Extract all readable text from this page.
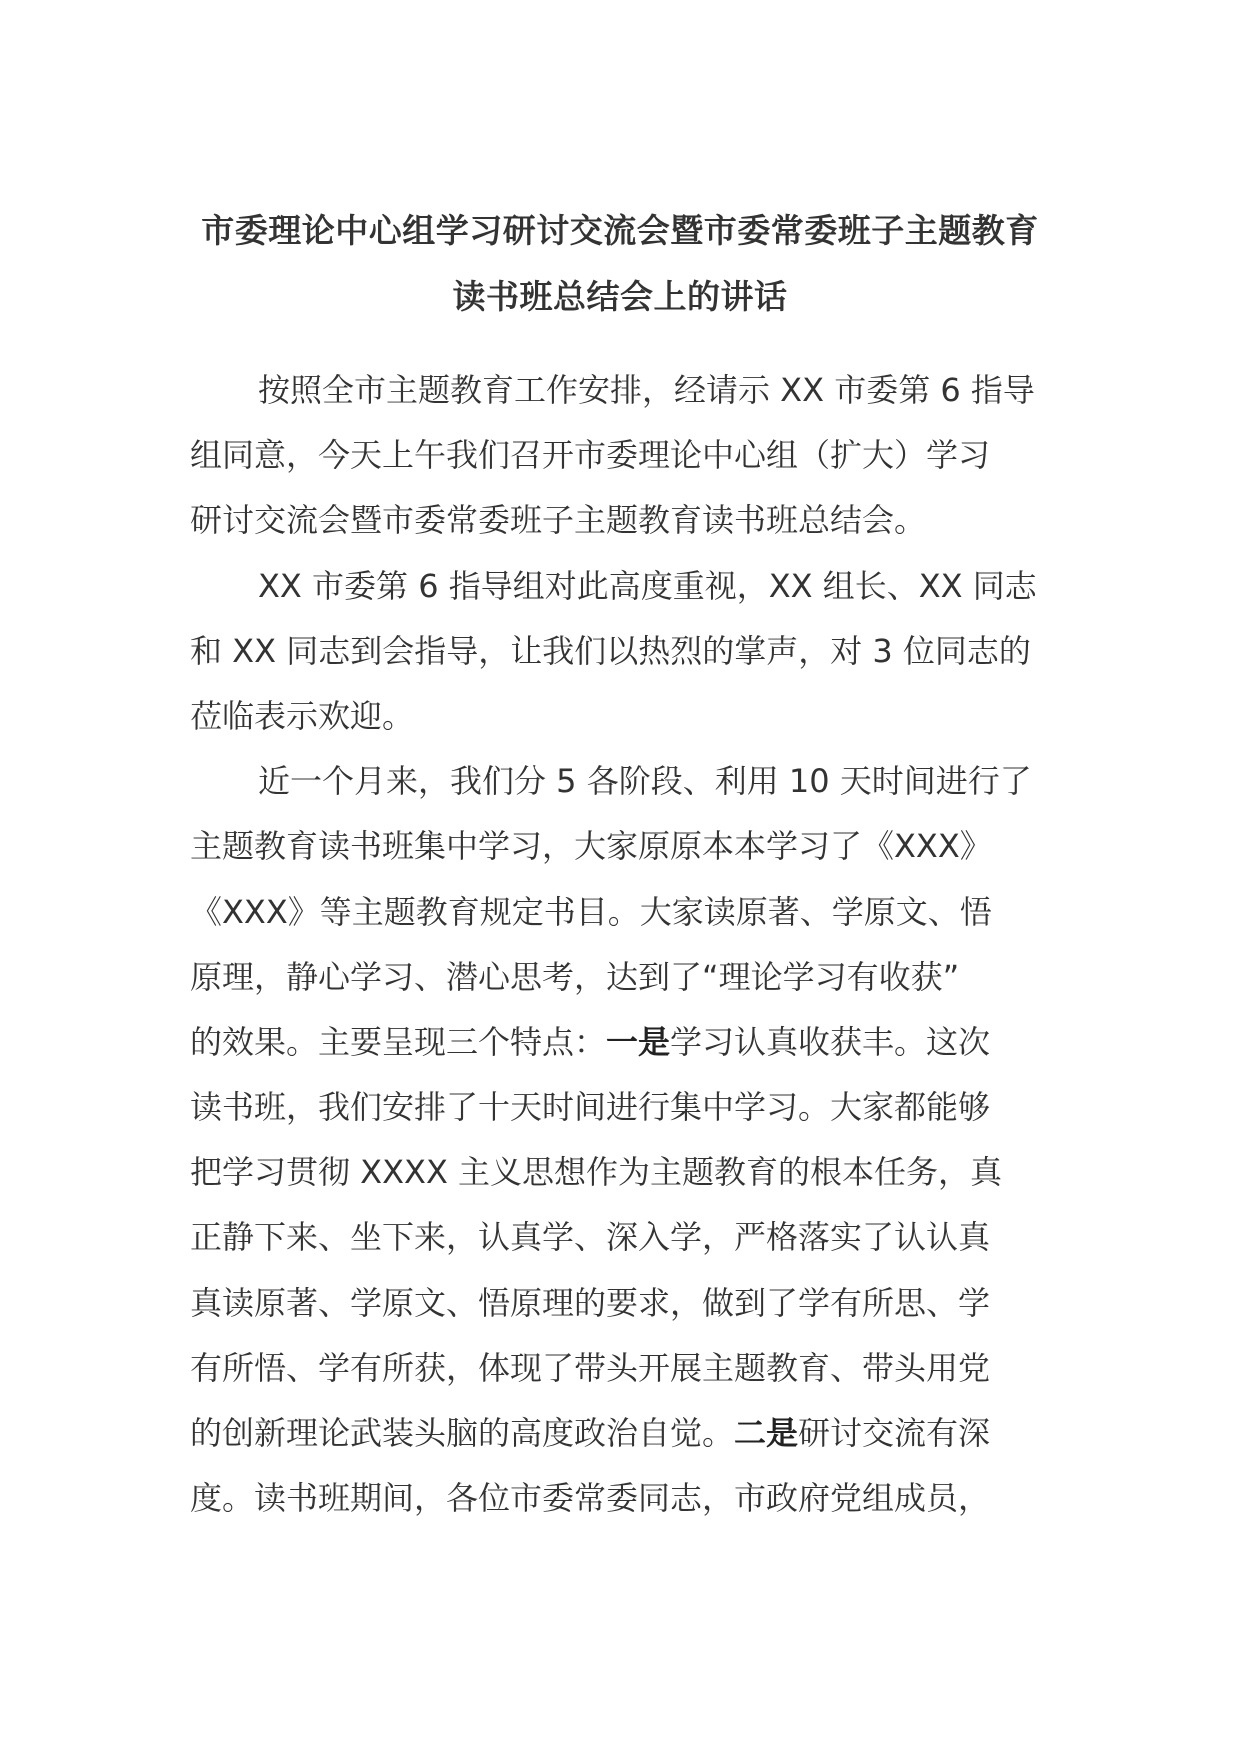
市委理论中心组学习研讨交流会暨市委常委班子主题教育
读书班总结会上的讲话
按照全市主题教育工作安排，经请示 XX 市委第 6 指导
组同意，今天上午我们召开市委理论中心组（扩大）学习
研讨交流会暨市委常委班子主题教育读书班总结会。
XX 市委第 6 指导组对此高度重视，XX 组长、XX 同志
和 XX 同志到会指导，让我们以热烈的掌声，对 3 位同志的
莅临表示欢迎。
近一个月来，我们分 5 各阶段、利用 10 天时间进行了
主题教育读书班集中学习，大家原原本本学习了《XXX》
《XXX》等主题教育规定书目。大家读原著、学原文、悟
原理，静心学习、潜心思考，达到了“理论学习有收获”
的效果。主要呈现三个特点：一是学习认真收获丰。这次
读书班，我们安排了十天时间进行集中学习。大家都能够
把学习贯彻 XXXX 主义思想作为主题教育的根本任务，真
正静下来、坐下来，认真学、深入学，严格落实了认认真
真读原著、学原文、悟原理的要求，做到了学有所思、学
有所悟、学有所获，体现了带头开展主题教育、带头用党
的创新理论武装头脑的高度政治自觉。二是研讨交流有深
度。读书班期间，各位市委常委同志，市政府党组成员，
